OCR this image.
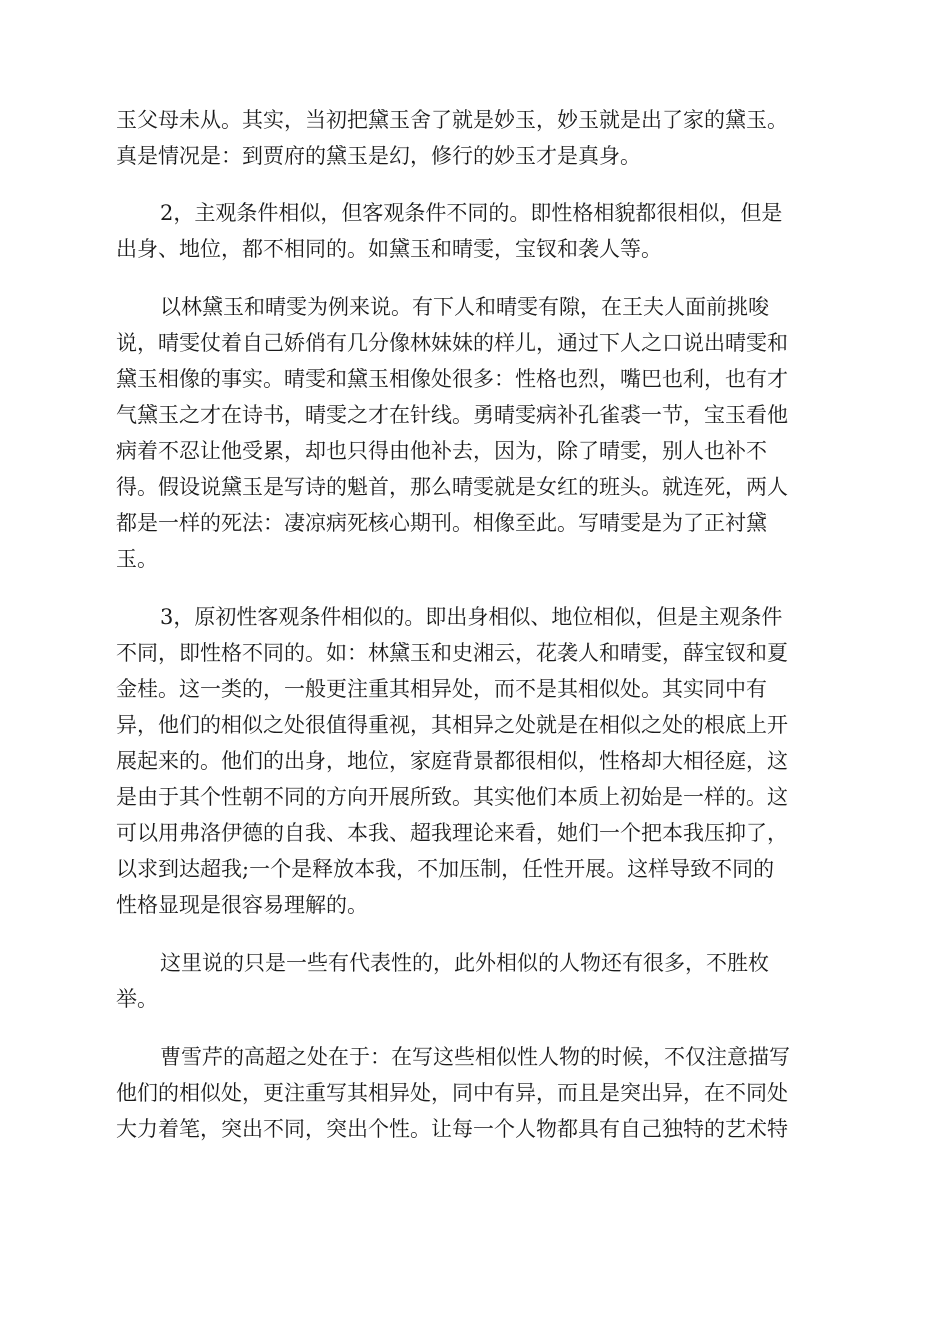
玉父母未从。其实，当初把黛玉舍了就是妙玉，妙玉就是出了家的黛玉。
真是情况是：到贾府的黛玉是幻，修行的妙玉才是真身。
2，主观条件相似，但客观条件不同的。即性格相貌都很相似，但是
出身、地位，都不相同的。如黛玉和晴雯，宝钗和袭人等。
以林黛玉和晴雯为例来说。有下人和晴雯有隙，在王夫人面前挑唆
说，晴雯仗着自己娇俏有几分像林妹妹的样儿，通过下人之口说出晴雯和
黛玉相像的事实。晴雯和黛玉相像处很多：性格也烈，嘴巴也利，也有才
气黛玉之才在诗书，晴雯之才在针线。勇晴雯病补孔雀裘一节，宝玉看他
病着不忍让他受累，却也只得由他补去，因为，除了晴雯，别人也补不
得。假设说黛玉是写诗的魁首，那么晴雯就是女红的班头。就连死，两人
都是一样的死法：凄凉病死核心期刊。相像至此。写晴雯是为了正衬黛
玉。
3，原初性客观条件相似的。即出身相似、地位相似，但是主观条件
不同，即性格不同的。如：林黛玉和史湘云，花袭人和晴雯，薛宝钗和夏
金桂。这一类的，一般更注重其相异处，而不是其相似处。其实同中有
异，他们的相似之处很值得重视，其相异之处就是在相似之处的根底上开
展起来的。他们的出身，地位，家庭背景都很相似，性格却大相径庭，这
是由于其个性朝不同的方向开展所致。其实他们本质上初始是一样的。这
可以用弗洛伊德的自我、本我、超我理论来看，她们一个把本我压抑了，
以求到达超我;一个是释放本我，不加压制，任性开展。这样导致不同的
性格显现是很容易理解的。
这里说的只是一些有代表性的，此外相似的人物还有很多，不胜枚
举。
曹雪芹的高超之处在于：在写这些相似性人物的时候，不仅注意描写
他们的相似处，更注重写其相异处，同中有异，而且是突出异，在不同处
大力着笔，突出不同，突出个性。让每一个人物都具有自己独特的艺术特
